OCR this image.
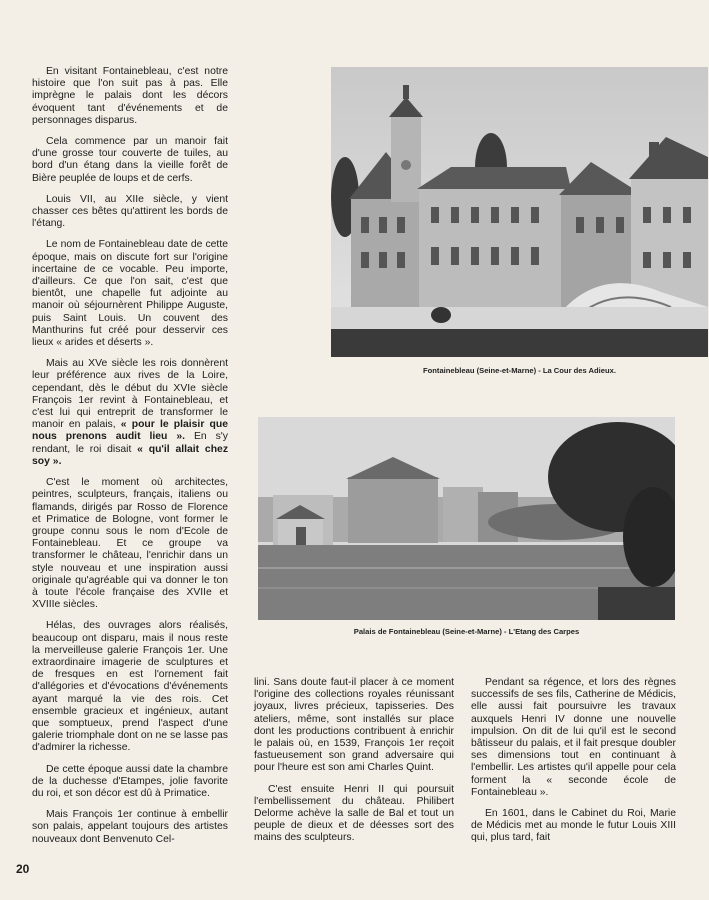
En visitant Fontainebleau, c'est notre histoire que l'on suit pas à pas. Elle imprègne le palais dont les décors évoquent tant d'événements et de personnages disparus.

Cela commence par un manoir fait d'une grosse tour couverte de tuiles, au bord d'un étang dans la vieille forêt de Bière peuplée de loups et de cerfs.

Louis VII, au XIIe siècle, y vient chasser ces bêtes qu'attirent les bords de l'étang.

Le nom de Fontainebleau date de cette époque, mais on discute fort sur l'origine incertaine de ce vocable. Peu importe, d'ailleurs. Ce que l'on sait, c'est que bientôt, une chapelle fut adjointe au manoir où séjournèrent Philippe Auguste, puis Saint Louis. Un couvent des Manthurins fut créé pour desservir ces lieux « arides et déserts ».

Mais au XVe siècle les rois donnèrent leur préférence aux rives de la Loire, cependant, dès le début du XVIe siècle François 1er revint à Fontainebleau, et c'est lui qui entreprit de transformer le manoir en palais, « pour le plaisir que nous prenons audit lieu ». En s'y rendant, le roi disait « qu'il allait chez soy ».

C'est le moment où architectes, peintres, sculpteurs, français, italiens ou flamands, dirigés par Rosso de Florence et Primatice de Bologne, vont former le groupe connu sous le nom d'Ecole de Fontainebleau. Et ce groupe va transformer le château, l'enrichir dans un style nouveau et une inspiration aussi originale qu'agréable qui va donner le ton à toute l'école française des XVIIe et XVIIIe siècles.

Hélas, des ouvrages alors réalisés, beaucoup ont disparu, mais il nous reste la merveilleuse galerie François 1er. Une extraordinaire imagerie de sculptures et de fresques en est l'ornement fait d'allégories et d'évocations d'événements ayant marqué la vie des rois. Cet ensemble gracieux et ingénieux, autant que somptueux, prend l'aspect d'une galerie triomphale dont on ne se lasse pas d'admirer la richesse.

De cette époque aussi date la chambre de la duchesse d'Etampes, jolie favorite du roi, et son décor est dû à Primatice.

Mais François 1er continue à embellir son palais, appelant toujours des artistes nouveaux dont Benvenuto Cel-

Fontainebleau (Seine-et-Marne) - La Cour des Adieux.
Palais de Fontainebleau (Seine-et-Marne) - L'Etang des Carpes

lini. Sans doute faut-il placer à ce moment l'origine des collections royales réunissant joyaux, livres précieux, tapisseries. Des ateliers, même, sont installés sur place dont les productions contribuent à enrichir le palais où, en 1539, François 1er reçoit fastueusement son grand adversaire qui pour l'heure est son ami Charles Quint.

C'est ensuite Henri II qui poursuit l'embellissement du château. Philibert Delorme achève la salle de Bal et tout un peuple de dieux et de déesses sort des mains des sculpteurs.

Pendant sa régence, et lors des règnes successifs de ses fils, Catherine de Médicis, elle aussi fait poursuivre les travaux auxquels Henri IV donne une nouvelle impulsion. On dit de lui qu'il est le second bâtisseur du palais, et il fait presque doubler ses dimensions tout en continuant à l'embellir. Les artistes qu'il appelle pour cela forment la « seconde école de Fontainebleau ».

En 1601, dans le Cabinet du Roi, Marie de Médicis met au monde le futur Louis XIII qui, plus tard, fait

20
